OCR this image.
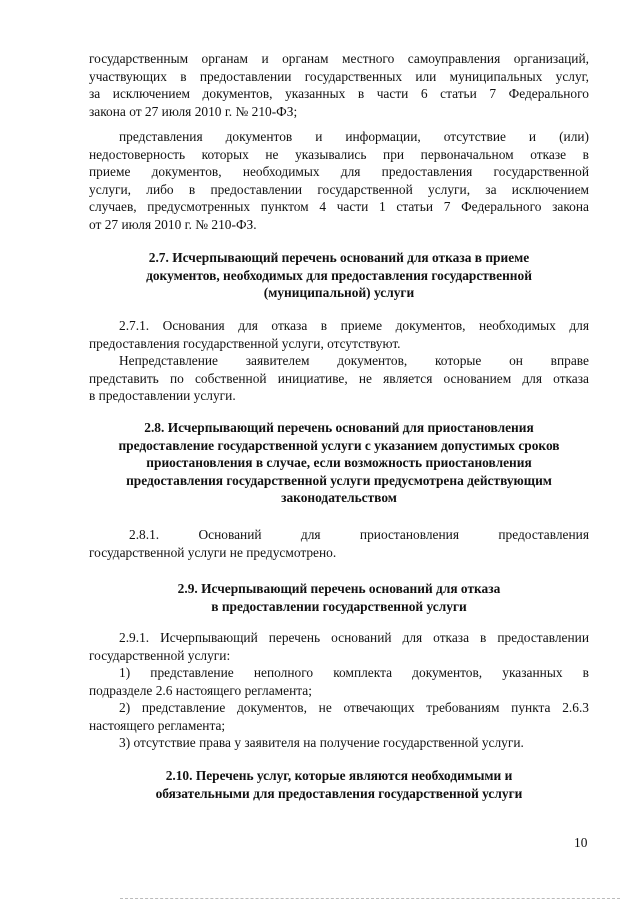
государственным органам и органам местного самоуправления организаций,
участвующих в предоставлении государственных или муниципальных услуг,
за исключением документов, указанных в части 6 статьи 7 Федерального
закона от 27 июля 2010 г. № 210-ФЗ;
представления документов и информации, отсутствие и (или)
недостоверность которых не указывались при первоначальном отказе в
приеме документов, необходимых для предоставления государственной
услуги, либо в предоставлении государственной услуги, за исключением
случаев, предусмотренных пунктом 4 части 1 статьи 7 Федерального закона
от 27 июля 2010 г. № 210-ФЗ.
2.7. Исчерпывающий перечень оснований для отказа в приеме
документов, необходимых для предоставления государственной
(муниципальной) услуги
2.7.1. Основания для отказа в приеме документов, необходимых для
предоставления государственной услуги, отсутствуют.
Непредставление заявителем документов, которые он вправе
представить по собственной инициативе, не является основанием для отказа
в предоставлении услуги.
2.8. Исчерпывающий перечень оснований для приостановления
предоставление государственной услуги с указанием допустимых сроков
приостановления в случае, если возможность приостановления
предоставления государственной услуги предусмотрена действующим
законодательством
2.8.1. Оснований для приостановления предоставления
государственной услуги не предусмотрено.
2.9. Исчерпывающий перечень оснований для отказа
в предоставлении государственной услуги
2.9.1. Исчерпывающий перечень оснований для отказа в предоставлении
государственной услуги:
1) представление неполного комплекта документов, указанных в
подразделе 2.6 настоящего регламента;
2) представление документов, не отвечающих требованиям пункта 2.6.3
настоящего регламента;
3) отсутствие права у заявителя на получение государственной услуги.
2.10. Перечень услуг, которые являются необходимыми и
обязательными для предоставления государственной услуги
10
